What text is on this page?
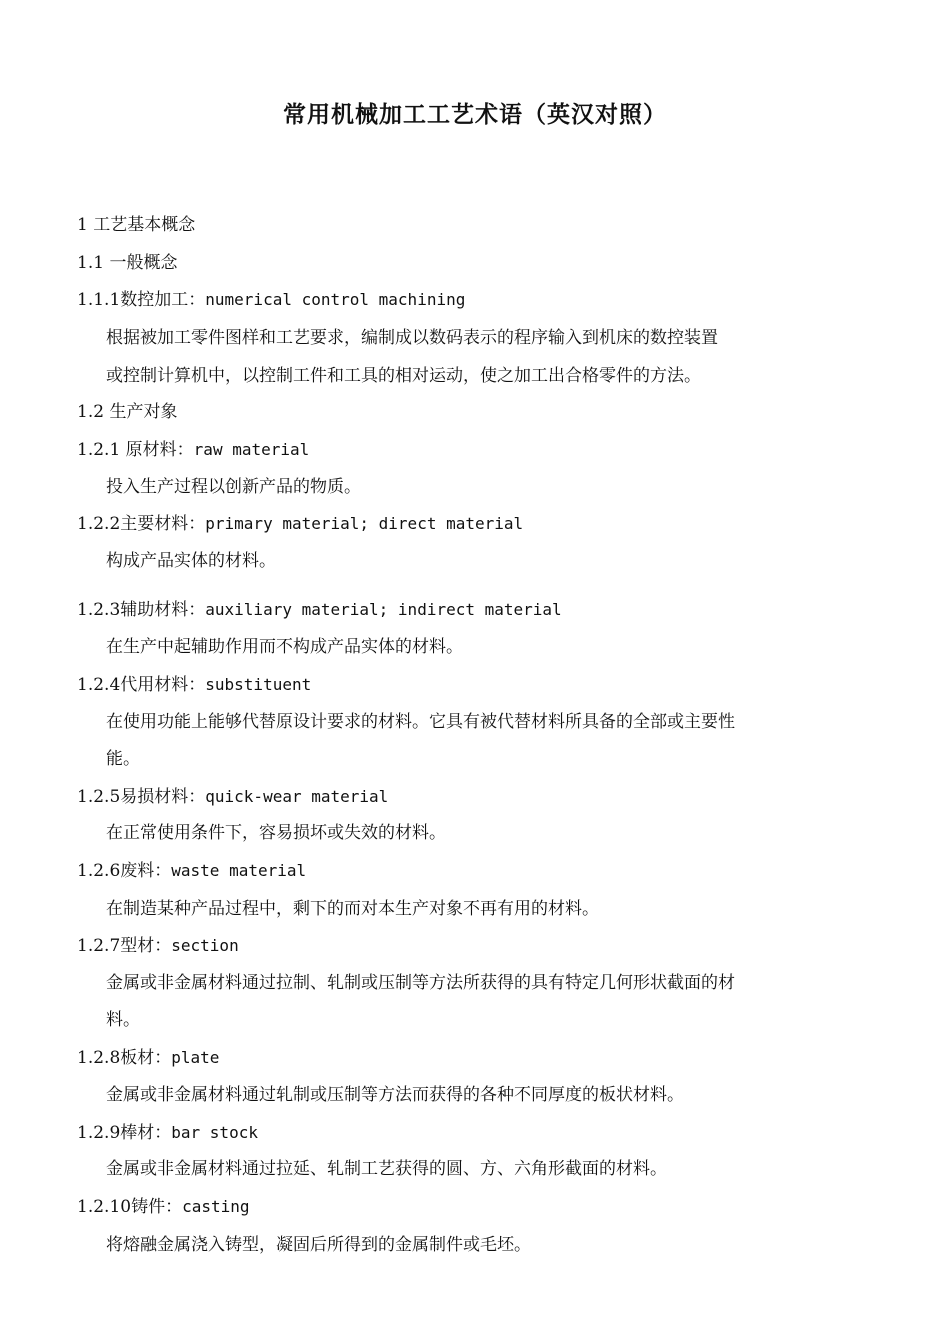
常用机械加工工艺术语（英汉对照）
1 工艺基本概念
1.1 一般概念
1.1.1数控加工：numerical control machining
根据被加工零件图样和工艺要求，编制成以数码表示的程序输入到机床的数控装置
或控制计算机中，以控制工件和工具的相对运动，使之加工出合格零件的方法。
1.2 生产对象
1.2.1 原材料：raw material
投入生产过程以创新产品的物质。
1.2.2主要材料：primary material; direct material
构成产品实体的材料。
1.2.3辅助材料：auxiliary material; indirect material
在生产中起辅助作用而不构成产品实体的材料。
1.2.4代用材料：substituent
在使用功能上能够代替原设计要求的材料。它具有被代替材料所具备的全部或主要性
能。
1.2.5易损材料：quick-wear material
在正常使用条件下，容易损坏或失效的材料。
1.2.6废料：waste material
在制造某种产品过程中，剩下的而对本生产对象不再有用的材料。
1.2.7型材：section
金属或非金属材料通过拉制、轧制或压制等方法所获得的具有特定几何形状截面的材
料。
1.2.8板材：plate
金属或非金属材料通过轧制或压制等方法而获得的各种不同厚度的板状材料。
1.2.9棒材：bar stock
金属或非金属材料通过拉延、轧制工艺获得的圆、方、六角形截面的材料。
1.2.10铸件：casting
将熔融金属浇入铸型，凝固后所得到的金属制件或毛坯。
